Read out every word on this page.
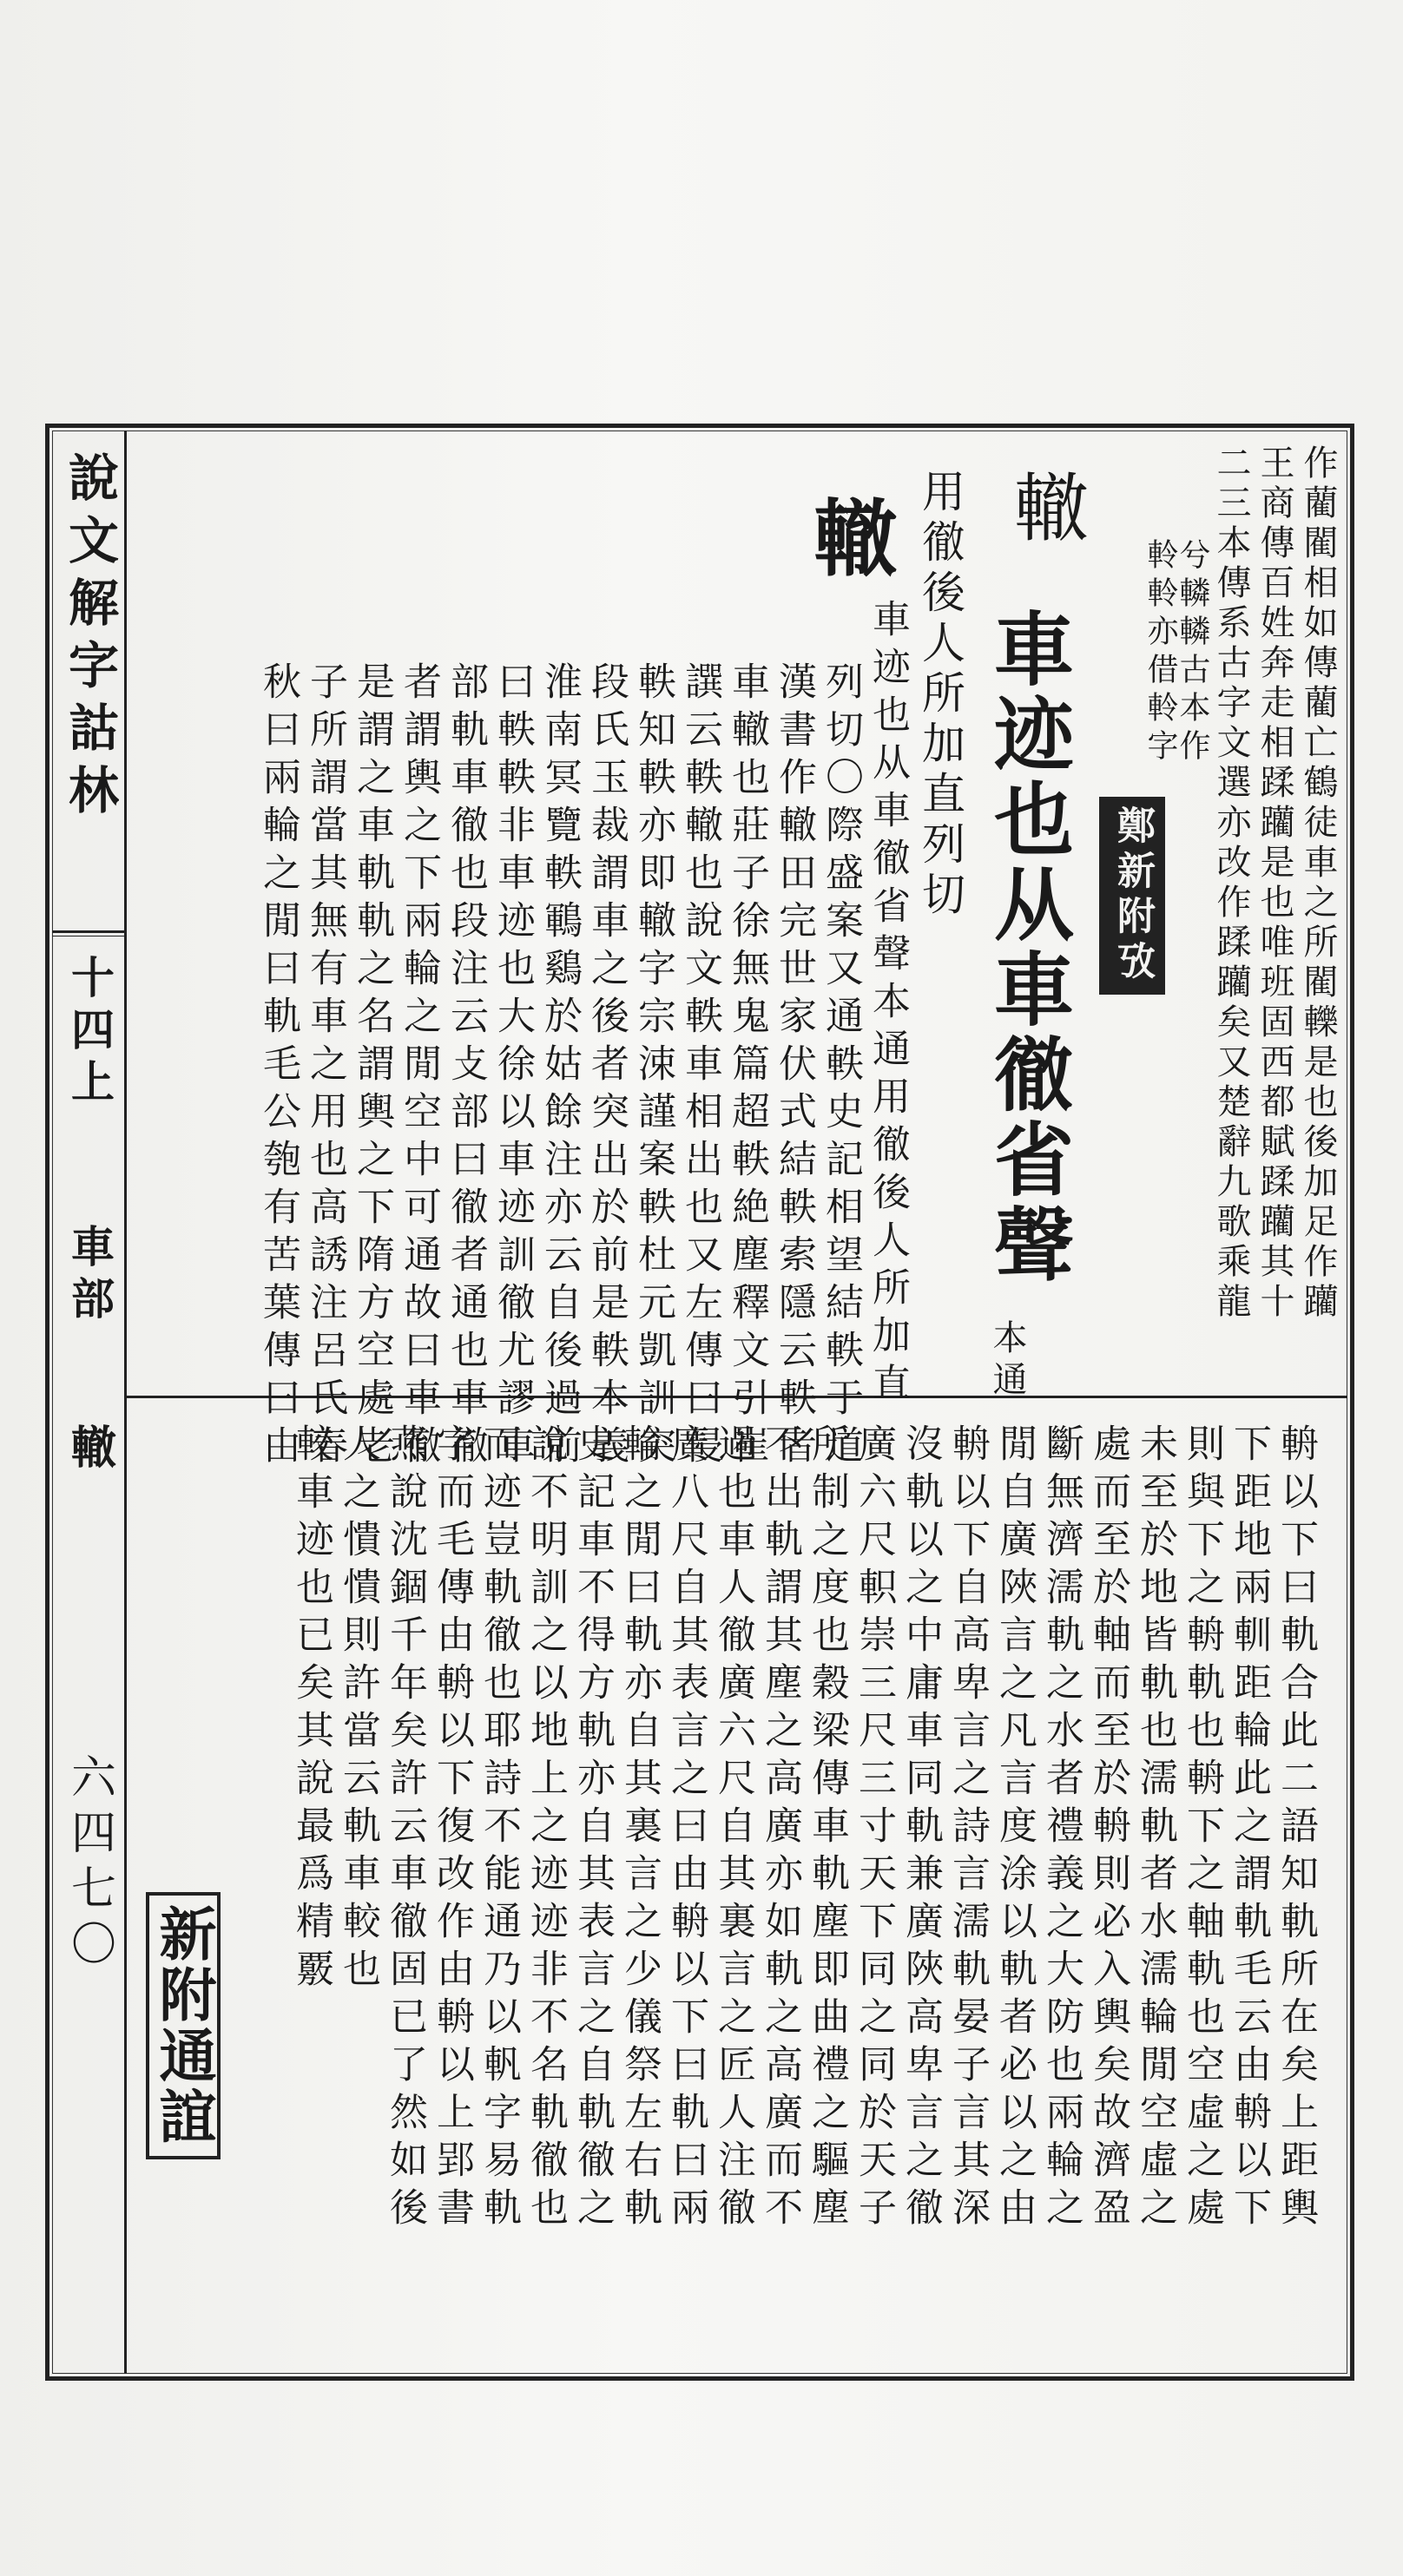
說文解字詁林
十四上
車部
轍
六四七〇
作藺閵相如傳藺亡鶴徒車之所閵轢是也後加足作躪
王商傳百姓奔走相蹂躪是也唯班固西都賦蹂躪其十
二三本傳系古字文選亦改作蹂躪矣又楚辭九歌乘龍
兮轔轔古本作
軨軨亦借軨字
鄭新附攷
轍
車迹也从車徹省聲
本通
用徹後人所加直列切
轍
車迹也从車徹省聲本通用徹後人所加直
列切〇際盛案又通軼史記相望結軼于道
漢書作轍田完世家伏式結軼索隱云軼者
車轍也莊子徐無鬼篇超軼絶塵釋文引崔
譔云軼轍也說文軼車相出也又左傳曰侵
軼知軼亦即轍字宗涑謹案軼杜元凱訓突
段氏玉裁謂車之後者突出於前是軼本義
淮南冥覽軼鶤鷄於姑餘注亦云自後過前
曰軼軼非車迹也大徐以車迹訓徹尤謬車
部軌車徹也段注云攴部曰徹者通也車徹
者謂輿之下兩輪之閒空中可通故曰車徹
是謂之車軌軌之名謂輿之下隋方空處老
子所謂當其無有車之用也高誘注呂氏春
秋曰兩輪之閒曰軌毛公匏有苦葉傳曰由
輈以下曰軌合此二語知軌所在矣上距輿
下距地兩䡅距輪此之謂軌毛云由輈以下
則與下之輈軌也輈下之軸軌也空虛之處
未至於地皆軌也濡軌者水濡輪閒空虛之
處而至於軸而至於輈則必入輿矣故濟盈
斷無濟濡軌之水者禮義之大防也兩輪之
閒自廣陜言之凡言度涂以軌者必以之由
輈以下自高卑言之詩言濡軌晏子言其深
沒軌以之中庸車同軌兼廣陜高卑言之徹
廣六尺軹崇三尺三寸天下同之同於天子
所制之度也穀梁傳車軌塵即曲禮之驅塵
不出軌謂其塵之高廣亦如軌之高廣而不
過也車人徹廣六尺自其裏言之匠人注徹
廣八尺自其表言之曰由輈以下曰軌曰兩
輪之閒曰軌亦自其裏言之少儀祭左右軌
史記車不得方軌亦自其表言之自軌徹之
說不明訓之以地上之迹迹非不名軌徹也
而迹豈軌徹也耶詩不能通乃以軓字易軌
字而毛傳由輈以下復改作由輈以上郢書
燕說沈錮千年矣許云車徹固已了然如後
較車迹也已矣其說最爲精覈 人之憒憒則許當云軌車較也
新附通誼
